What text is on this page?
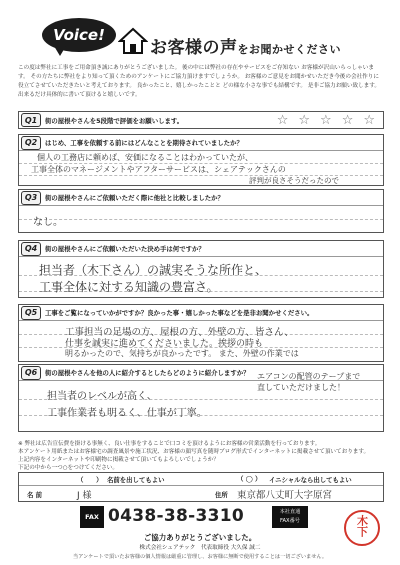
Voice!
お客様の声をお聞かせください
この度は弊社に工事をご用命頂き誠にありがとうございました。 後の中には弊社の存在やサービスをご存知ない お客様が沢山いらっしゃいます。 その方たちに弊社をより知って頂くためのアンケートにご協力頂けますでしょうか。 お客様のご意見をお聞かせいただき今後の会社作りに役立てさせていただきたいと考えております。 良かったこと、嬉しかったことと どの様な小さな事でも結構です。 是非ご協力お願い致します。 出来るだけ具体的に書いて頂けると嬉しいです。
Q1	街の屋根やさんを5段階で評価をお願いします。	☆ ☆ ☆ ☆ ☆
Q2	はじめ、工事を依頼する前にはどんなことを期待されていましたか？
個人の工務店に頼めば、安価になることはわかっていたが、
工事全体のマネージメントやアフターサービスは、シェアテックさんの
評判が良さそうだったので
Q3	街の屋根やさんにご依頼いただく際に他社と比較しましたか？
なし。
Q4	街の屋根やさんにご依頼いただいた決め手は何ですか？
担当者（木下さん）の誠実そうな所作と、
工事全体に対する知識の豊富さ。
Q5	工事をご覧になっていかがですか？良かった事・嬉しかった事などを是非お聞かせください。
工事担当の足場の方、屋根の方、外壁の方、皆さん、
仕事を誠実に進めてくださいました。挨拶の時も
明るかったので、気持ちが良かったです。 また、外壁の作業では
Q6	街の屋根やさんを他の人に紹介するとしたらどのように紹介しますか？
担当者のレベルが高く、
工事作業者も明るく、仕事が丁寧。
エアコンの配管のテープまで
直していただけました！
※ 弊社は広告宣伝費を掛ける事無く、良い仕事をすることで口コミを頂けるようにお客様の営業活動を行っております。
本アンケート用紙またはお客様宅の調査風景や施工状況、お客様の顔写真を随時ブログ形式でインターネットに掲載させて頂いております。
上記内容をインターネットや印刷物に掲載させて頂いてもよろしいでしょうか？
下記の中から一つ○をつけてください。
（　　） 名前を出してもよい	（ ◯ ） イニシャルなら出してもよい
名 前	J 様	住所 東京都八丈町大字原宮
FAX 0438-38-3310	本社直通
FAX番号
ご協力ありがとうございました。
株式会社シェアテック　代表取締役 大久保 誠二
当アンケートで頂いたお客様の個人情報は厳重に管理し、お客様に無断で使用することは一切ございません。
木下
